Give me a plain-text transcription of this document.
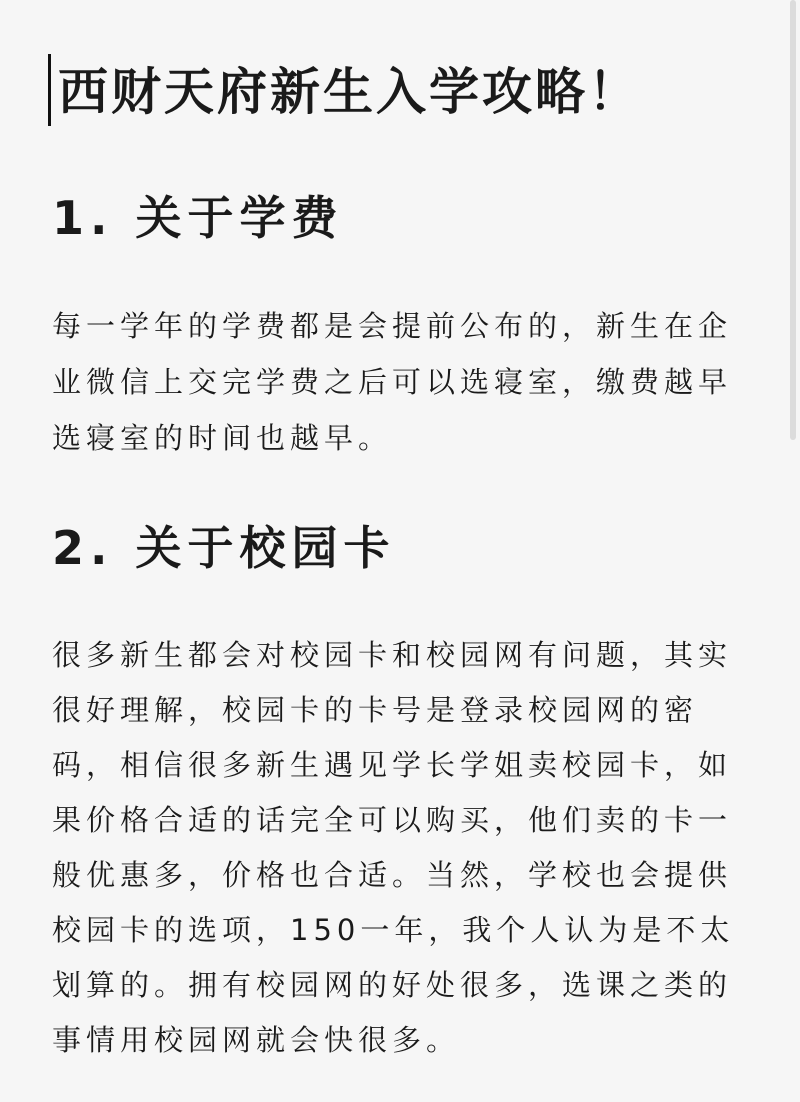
西财天府新生入学攻略！
1. 关于学费
每一学年的学费都是会提前公布的，新生在企
业微信上交完学费之后可以选寝室，缴费越早
选寝室的时间也越早。
2. 关于校园卡
很多新生都会对校园卡和校园网有问题，其实
很好理解，校园卡的卡号是登录校园网的密
码，相信很多新生遇见学长学姐卖校园卡，如
果价格合适的话完全可以购买，他们卖的卡一
般优惠多，价格也合适。当然，学校也会提供
校园卡的选项，150一年，我个人认为是不太
划算的。拥有校园网的好处很多，选课之类的
事情用校园网就会快很多。
